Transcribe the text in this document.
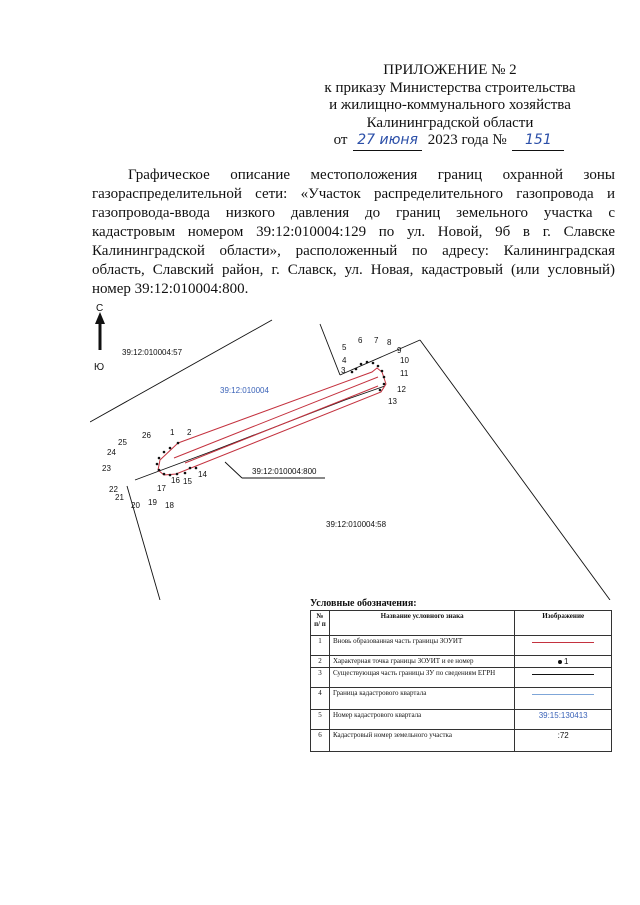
ПРИЛОЖЕНИЕ № 2
к приказу Министерства строительства
и жилищно-коммунального хозяйства
Калининградской области
от 27 июня 2023 года № 151
Графическое описание местоположения границ охранной зоны газораспределительной сети: «Участок распределительного газопровода и газопровода-ввода низкого давления до границ земельного участка с кадастровым номером 39:12:010004:129 по ул. Новой, 9б в г. Славске Калининградской области», расположенный по адресу: Калининградская область, Славский район, г. Славск, ул. Новая, кадастровый (или условный) номер 39:12:010004:800.
С
Ю
1 2
3
4
5
6 7 8
9
10
11
12
13
14
15
16
17
18
19
20
21
22
23
24
25
26
39:12:010004:57
39:12:010004
39:12:010004:800
39:12:010004:58
Условные обозначения:
№ п/ п	Название условного знака	Изображение
1	Вновь образованная часть границы ЗОУИТ	
2	Характерная точка границы ЗОУИТ и ее номер	1
3	Существующая часть границы ЗУ по сведениям ЕГРН	
4	Граница кадастрового квартала	
5	Номер кадастрового квартала	39:15:130413
6	Кадастровый номер земельного участка	:72
